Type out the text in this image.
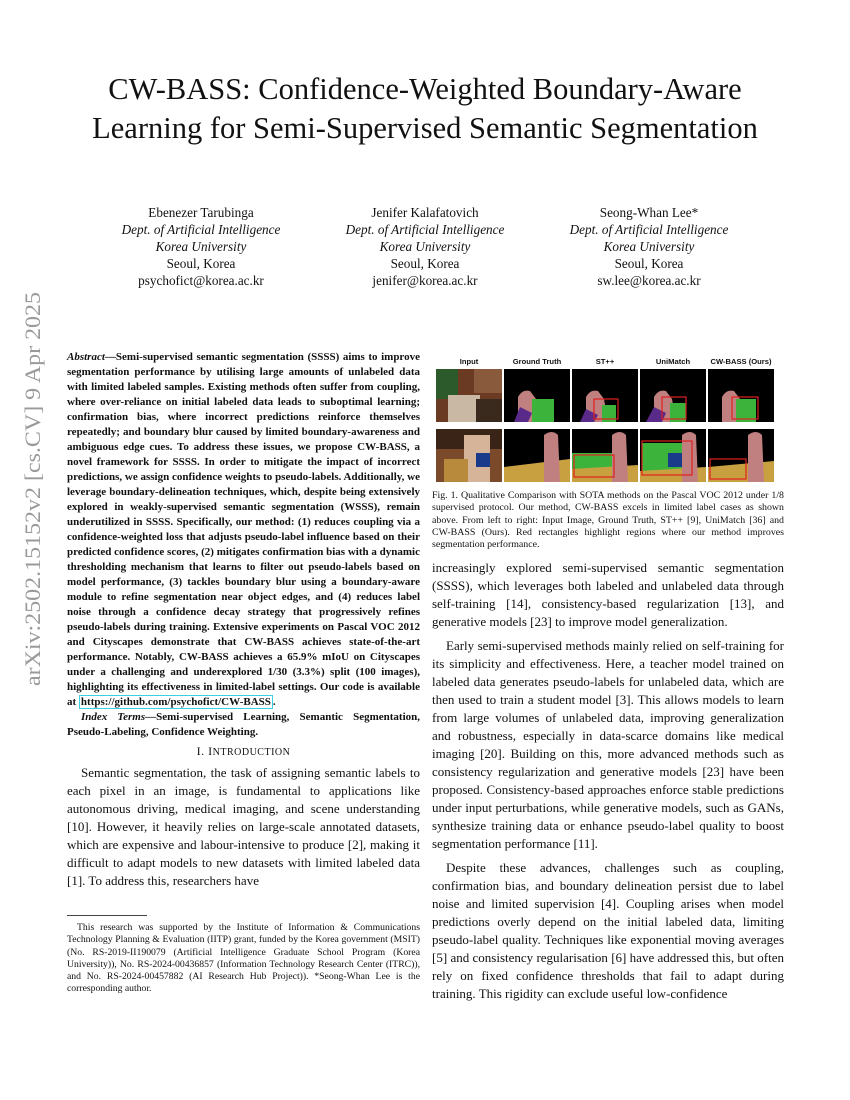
CW-BASS: Confidence-Weighted Boundary-Aware Learning for Semi-Supervised Semantic Segmentation
Ebenezer Tarubinga
Dept. of Artificial Intelligence
Korea University
Seoul, Korea
psychofict@korea.ac.kr
Jenifer Kalafatovich
Dept. of Artificial Intelligence
Korea University
Seoul, Korea
jenifer@korea.ac.kr
Seong-Whan Lee*
Dept. of Artificial Intelligence
Korea University
Seoul, Korea
sw.lee@korea.ac.kr
arXiv:2502.15152v2 [cs.CV] 9 Apr 2025 Abstract—Semi-supervised semantic segmentation (SSSS) aims to improve segmentation performance by utilising large amounts of unlabeled data with limited labeled samples. Existing methods often suffer from coupling, where over-reliance on initial labeled data leads to suboptimal learning; confirmation bias, where incorrect predictions reinforce themselves repeatedly; and boundary blur caused by limited boundary-awareness and ambiguous edge cues. To address these issues, we propose CW-BASS, a novel framework for SSSS. In order to mitigate the impact of incorrect predictions, we assign confidence weights to pseudo-labels. Additionally, we leverage boundary-delineation techniques, which, despite being extensively explored in weakly-supervised semantic segmentation (WSSS), remain underutilized in SSSS. Specifically, our method: (1) reduces coupling via a confidence-weighted loss that adjusts pseudo-label influence based on their predicted confidence scores, (2) mitigates confirmation bias with a dynamic thresholding mechanism that learns to filter out pseudo-labels based on model performance, (3) tackles boundary blur using a boundary-aware module to refine segmentation near object edges, and (4) reduces label noise through a confidence decay strategy that progressively refines pseudo-labels during training. Extensive experiments on Pascal VOC 2012 and Cityscapes demonstrate that CW-BASS achieves state-of-the-art performance. Notably, CW-BASS achieves a 65.9% mIoU on Cityscapes under a challenging and underexplored 1/30 (3.3%) split (100 images), highlighting its effectiveness in limited-label settings. Our code is available at https://github.com/psychofict/CW-BASS .
Index Terms—Semi-supervised Learning, Semantic Segmentation, Pseudo-Labeling, Confidence Weighting.
I. INTRODUCTION
Semantic segmentation, the task of assigning semantic labels to each pixel in an image, is fundamental to applications like autonomous driving, medical imaging, and scene understanding [10]. However, it heavily relies on large-scale annotated datasets, which are expensive and labour-intensive to produce [2], making it difficult to adapt models to new datasets with limited labeled data [1]. To address this, researchers have
This research was supported by the Institute of Information & Communications Technology Planning & Evaluation (IITP) grant, funded by the Korea government (MSIT) (No. RS-2019-II190079 (Artificial Intelligence Graduate School Program (Korea University)), No. RS-2024-00436857 (Information Technology Research Center (ITRC)), and No. RS-2024-00457882 (AI Research Hub Project)). *Seong-Whan Lee is the corresponding author.
Input	Ground Truth	ST++	UniMatch	CW-BASS (Ours)
Fig. 1. Qualitative Comparison with SOTA methods on the Pascal VOC 2012 under 1/8 supervised protocol. Our method, CW-BASS excels in limited label cases as shown above. From left to right: Input Image, Ground Truth, ST++ [9], UniMatch [36] and CW-BASS (Ours). Red rectangles highlight regions where our method improves segmentation performance.

increasingly explored semi-supervised semantic segmentation (SSSS), which leverages both labeled and unlabeled data through self-training [14], consistency-based regularization [13], and generative models [23] to improve model generalization.

Early semi-supervised methods mainly relied on self-training for its simplicity and effectiveness. Here, a teacher model trained on labeled data generates pseudo-labels for unlabeled data, which are then used to train a student model [3]. This allows models to learn from large volumes of unlabeled data, improving generalization and robustness, especially in data-scarce domains like medical imaging [20]. Building on this, more advanced methods such as consistency regularization and generative models [23] have been proposed. Consistency-based approaches enforce stable predictions under input perturbations, while generative models, such as GANs, synthesize training data or enhance pseudo-label quality to boost segmentation performance [11].

Despite these advances, challenges such as coupling, confirmation bias, and boundary delineation persist due to label noise and limited supervision [4]. Coupling arises when model predictions overly depend on the initial labeled data, limiting pseudo-label quality. Techniques like exponential moving averages [5] and consistency regularisation [6] have addressed this, but often rely on fixed confidence thresholds that fail to adapt during training. This rigidity can exclude useful low-confidence
